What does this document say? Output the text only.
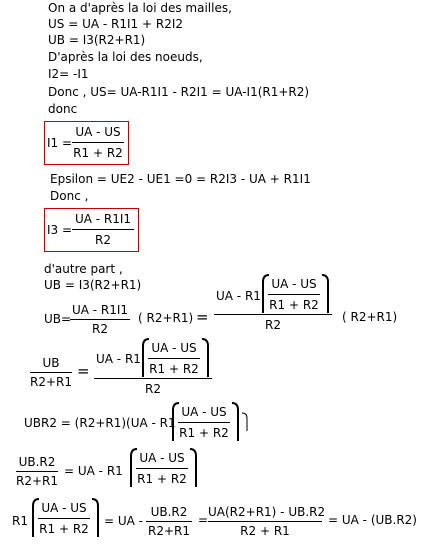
On a d'après la loi des mailles,
US = UA - R1I1 + R2I2
UB = I3(R2+R1)
D'après la loi des noeuds,
I2= -I1
Donc , US= UA-R1I1 - R2I1 = UA-I1(R1+R2)
donc
I1 =
UA - US
R1 + R2
Epsilon = UE2 - UE1 =0 = R2I3 - UA + R1I1
Donc ,
I3 =
UA - R1I1
R2
d'autre part ,
UB = I3(R2+R1)
UB=
UA - R1I1
R2
( R2+R1) =
UA - R1
UA - US
R1 + R2
R2
( R2+R1)
UB
R2+R1
=
UA - R1
UA - US
R1 + R2
R2
UBR2 = (R2+R1)(UA - R1
UA - US
R1 + R2
UB.R2
R2+R1
= UA - R1
UA - US
R1 + R2
R1
UA - US
R1 + R2
= UA -
UB.R2
R2+R1
=
UA(R2+R1) - UB.R2
R2 + R1
= UA - (UB.R2)
